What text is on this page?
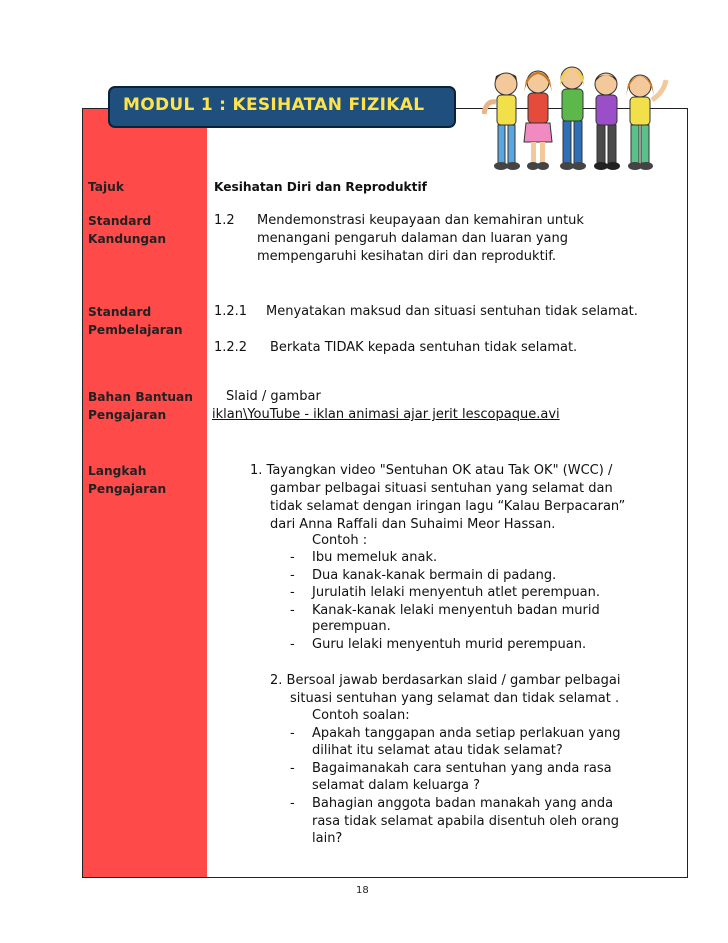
MODUL 1 : KESIHATAN FIZIKAL
Tajuk	Kesihatan Diri dan Reproduktif
Standard
Kandungan
1.2 Mendemonstrasi keupayaan dan kemahiran untuk
menangani pengaruh dalaman dan luaran yang
mempengaruhi kesihatan diri dan reproduktif.
Standard
Pembelajaran
1.2.1 Menyatakan maksud dan situasi sentuhan tidak selamat.
1.2.2 Berkata TIDAK kepada sentuhan tidak selamat.
Bahan Bantuan
Pengajaran
Slaid / gambar
iklan\YouTube - iklan animasi ajar jerit lescopaque.avi
Langkah
Pengajaran
1. Tayangkan video "Sentuhan OK atau Tak OK" (WCC) /
gambar pelbagai situasi sentuhan yang selamat dan
tidak selamat dengan iringan lagu “Kalau Berpacaran”
dari Anna Raffali dan Suhaimi Meor Hassan.
Contoh :
- Ibu memeluk anak.
- Dua kanak-kanak bermain di padang.
- Jurulatih lelaki menyentuh atlet perempuan.
- Kanak-kanak lelaki menyentuh badan murid
perempuan.
- Guru lelaki menyentuh murid perempuan.
2. Bersoal jawab berdasarkan slaid / gambar pelbagai
situasi sentuhan yang selamat dan tidak selamat .
Contoh soalan:
- Apakah tanggapan anda setiap perlakuan yang
dilihat itu selamat atau tidak selamat?
- Bagaimanakah cara sentuhan yang anda rasa
selamat dalam keluarga ?
- Bahagian anggota badan manakah yang anda
rasa tidak selamat apabila disentuh oleh orang
lain?
18
